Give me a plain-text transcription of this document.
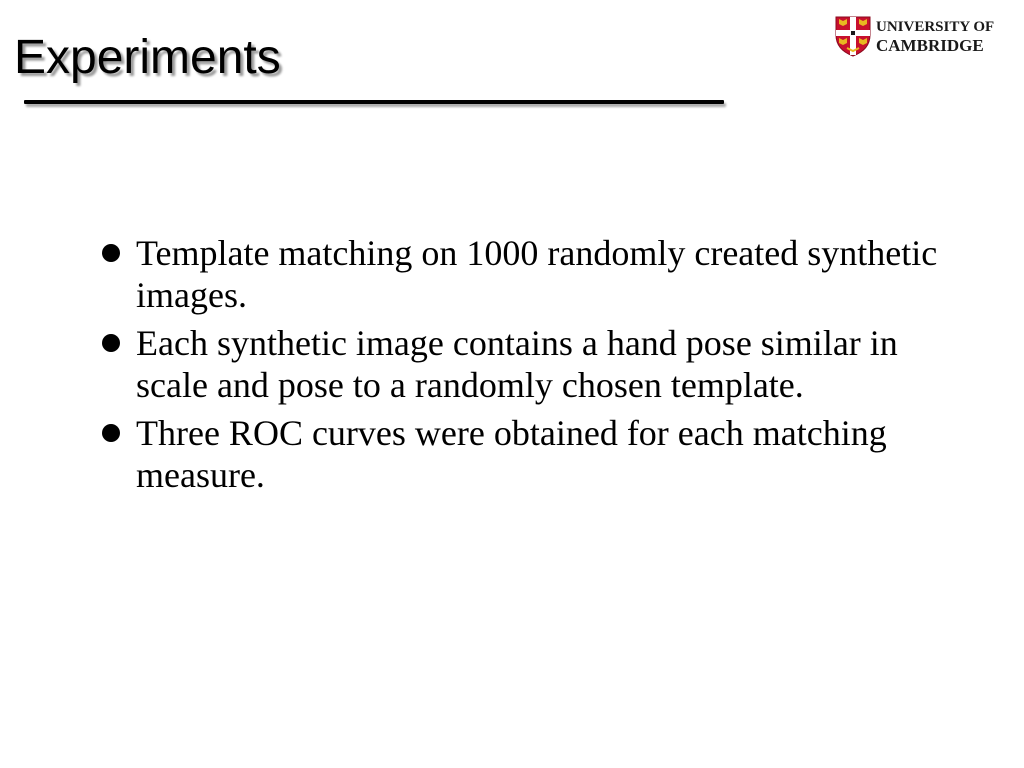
Experiments
UNIVERSITY OF
CAMBRIDGE
Template matching on 1000 randomly created synthetic images.
Each synthetic image contains a hand pose similar in scale and pose to a randomly chosen template.
Three ROC curves were obtained for each matching measure.
